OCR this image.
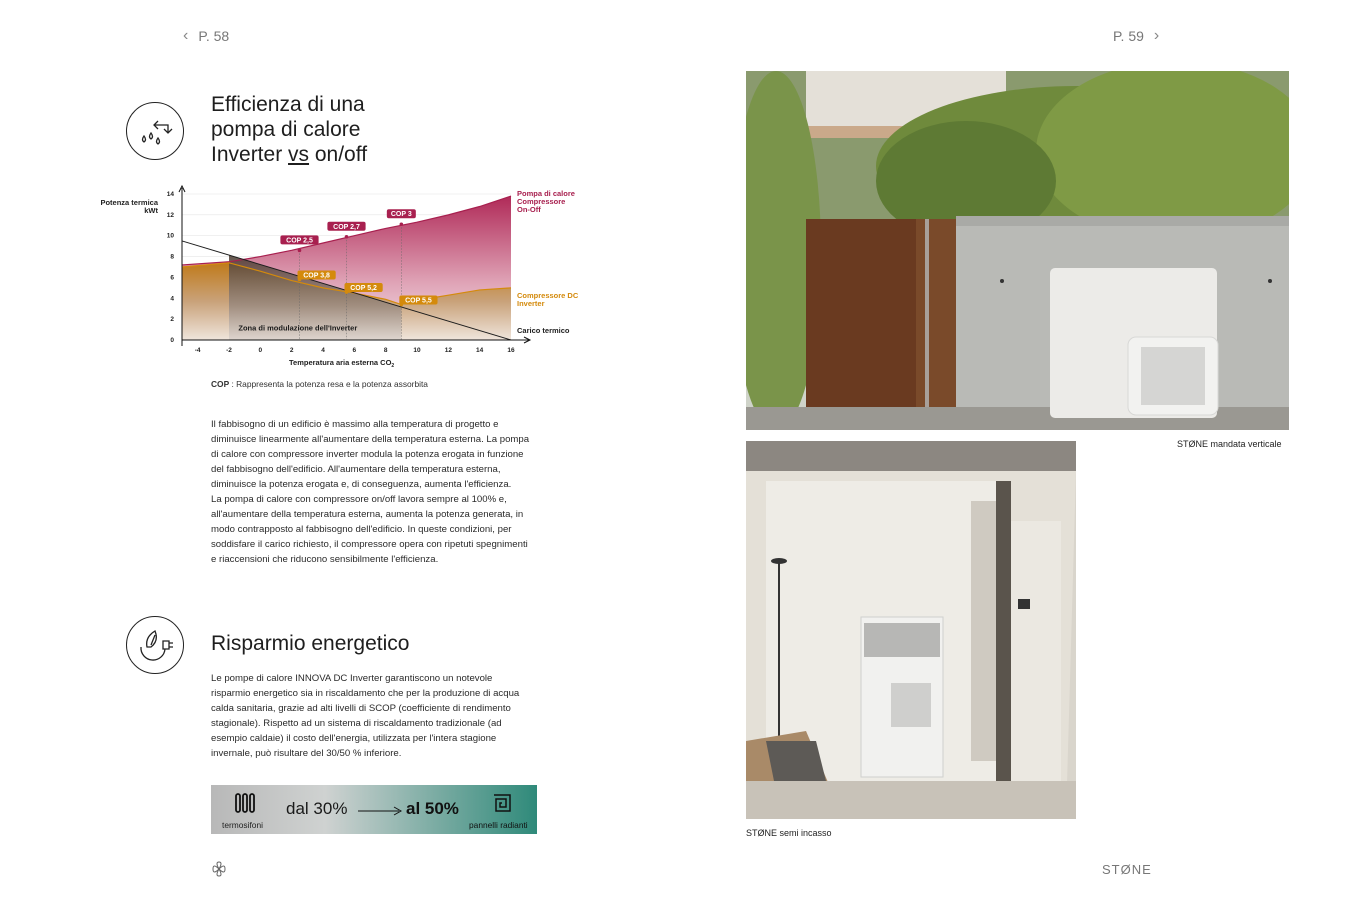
‹ P. 58	P. 59 ›
Efficienza di una
pompa di calore
Inverter vs on/off
-4	-2	0	2	4	6	8	10	12	14	16
0
2
4
6
8
10
12
14
COP 2,5
COP 2,7
COP 3
COP 3,8
COP 5,2
COP 5,5
Zona di modulazione dell'Inverter
Potenza termica
kWt
Temperatura aria esterna $CO_2$
Pompa di calore
Compressore
On-Off
Compressore DC
Inverter
Carico termico
COP : Rappresenta la potenza resa e la potenza assorbita
Il fabbisogno di un edificio è massimo alla temperatura di progetto e
diminuisce linearmente all'aumentare della temperatura esterna. La pompa
di calore con compressore inverter modula la potenza erogata in funzione
del fabbisogno dell'edificio. All'aumentare della temperatura esterna,
diminuisce la potenza erogata e, di conseguenza, aumenta l'efficienza.
La pompa di calore con compressore on/off lavora sempre al 100% e,
all'aumentare della temperatura esterna, aumenta la potenza generata, in
modo contrapposto al fabbisogno dell'edificio. In queste condizioni, per
soddisfare il carico richiesto, il compressore opera con ripetuti spegnimenti
e riaccensioni che riducono sensibilmente l'efficienza.
Risparmio energetico
Le pompe di calore INNOVA DC Inverter garantiscono un notevole
risparmio energetico sia in riscaldamento che per la produzione di acqua
calda sanitaria, grazie ad alti livelli di SCOP (coefficiente di rendimento
stagionale). Rispetto ad un sistema di riscaldamento tradizionale (ad
esempio caldaie) il costo dell'energia, utilizzata per l'intera stagione
invernale, può risultare del 30/50 % inferiore.
termosifoni
dal 30%	al 50%
pannelli radianti
STØNE mandata verticale
STØNE semi incasso
STØNE
